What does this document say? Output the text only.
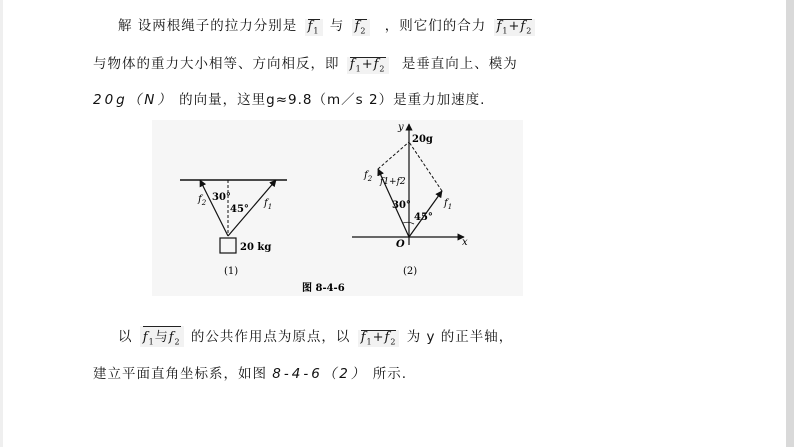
解 设两根绳子的拉力分别是 $f_1$ 与 $f_2$ ，则它们的合力 $f_1+f_2$
与物体的重力大小相等、方向相反，即 $f_1+f_2$ 是垂直向上、模为
20g（N） 的向量，这里g≈9.8（m／s 2）是重力加速度.
30°
45°
$f_2$	$f_1$
20 kg
(1)
y
x
O
20g
30°
45°
$f_2$
$f_1$
f1+f2
(2)
图 8-4-6
以 $f_1$与$f_2$ 的公共作用点为原点，以 $f_1+f_2$ 为 y 的正半轴，
建立平面直角坐标系，如图 8-4-6（2） 所示.
